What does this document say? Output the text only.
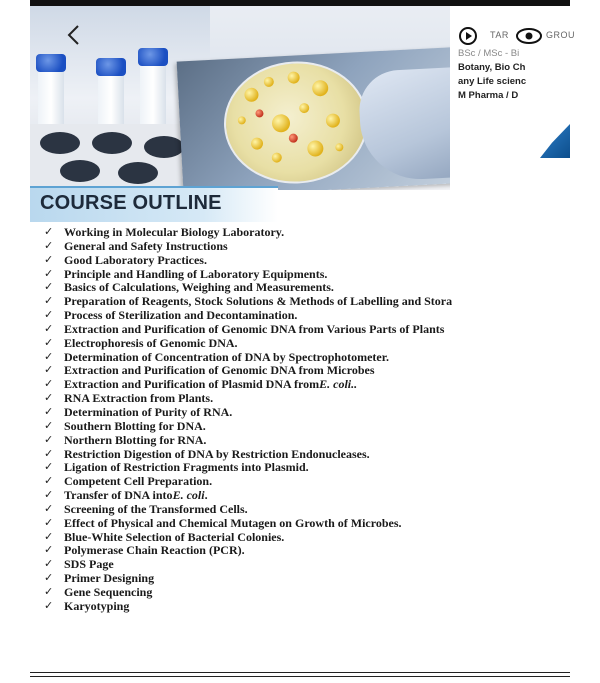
TAR	GROU
BSc / MSc - Bi
Botany, Bio Ch
any Life scienc
M Pharma / D
COURSE OUTLINE
✓ Working in Molecular Biology Laboratory.
✓ General and Safety Instructions
✓ Good Laboratory Practices.
✓ Principle and Handling of Laboratory Equipments.
✓ Basics of Calculations, Weighing and Measurements.
✓ Preparation of Reagents, Stock Solutions & Methods of Labelling and Stora
✓ Process of Sterilization and Decontamination.
✓ Extraction and Purification of Genomic DNA from Various Parts of Plants
✓ Electrophoresis of Genomic DNA.
✓ Determination of Concentration of DNA by Spectrophotometer.
✓ Extraction and Purification of Genomic DNA from Microbes
✓ Extraction and Purification of Plasmid DNA from E. coli..
✓ RNA Extraction from Plants.
✓ Determination of Purity of RNA.
✓ Southern Blotting for DNA.
✓ Northern Blotting for RNA.
✓ Restriction Digestion of DNA by Restriction Endonucleases.
✓ Ligation of Restriction Fragments into Plasmid.
✓ Competent Cell Preparation.
✓ Transfer of DNA into E. coli .
✓ Screening of the Transformed Cells.
✓ Effect of Physical and Chemical Mutagen on Growth of Microbes.
✓ Blue-White Selection of Bacterial Colonies.
✓ Polymerase Chain Reaction (PCR).
✓ SDS Page
✓ Primer Designing
✓ Gene Sequencing
✓ Karyotyping
